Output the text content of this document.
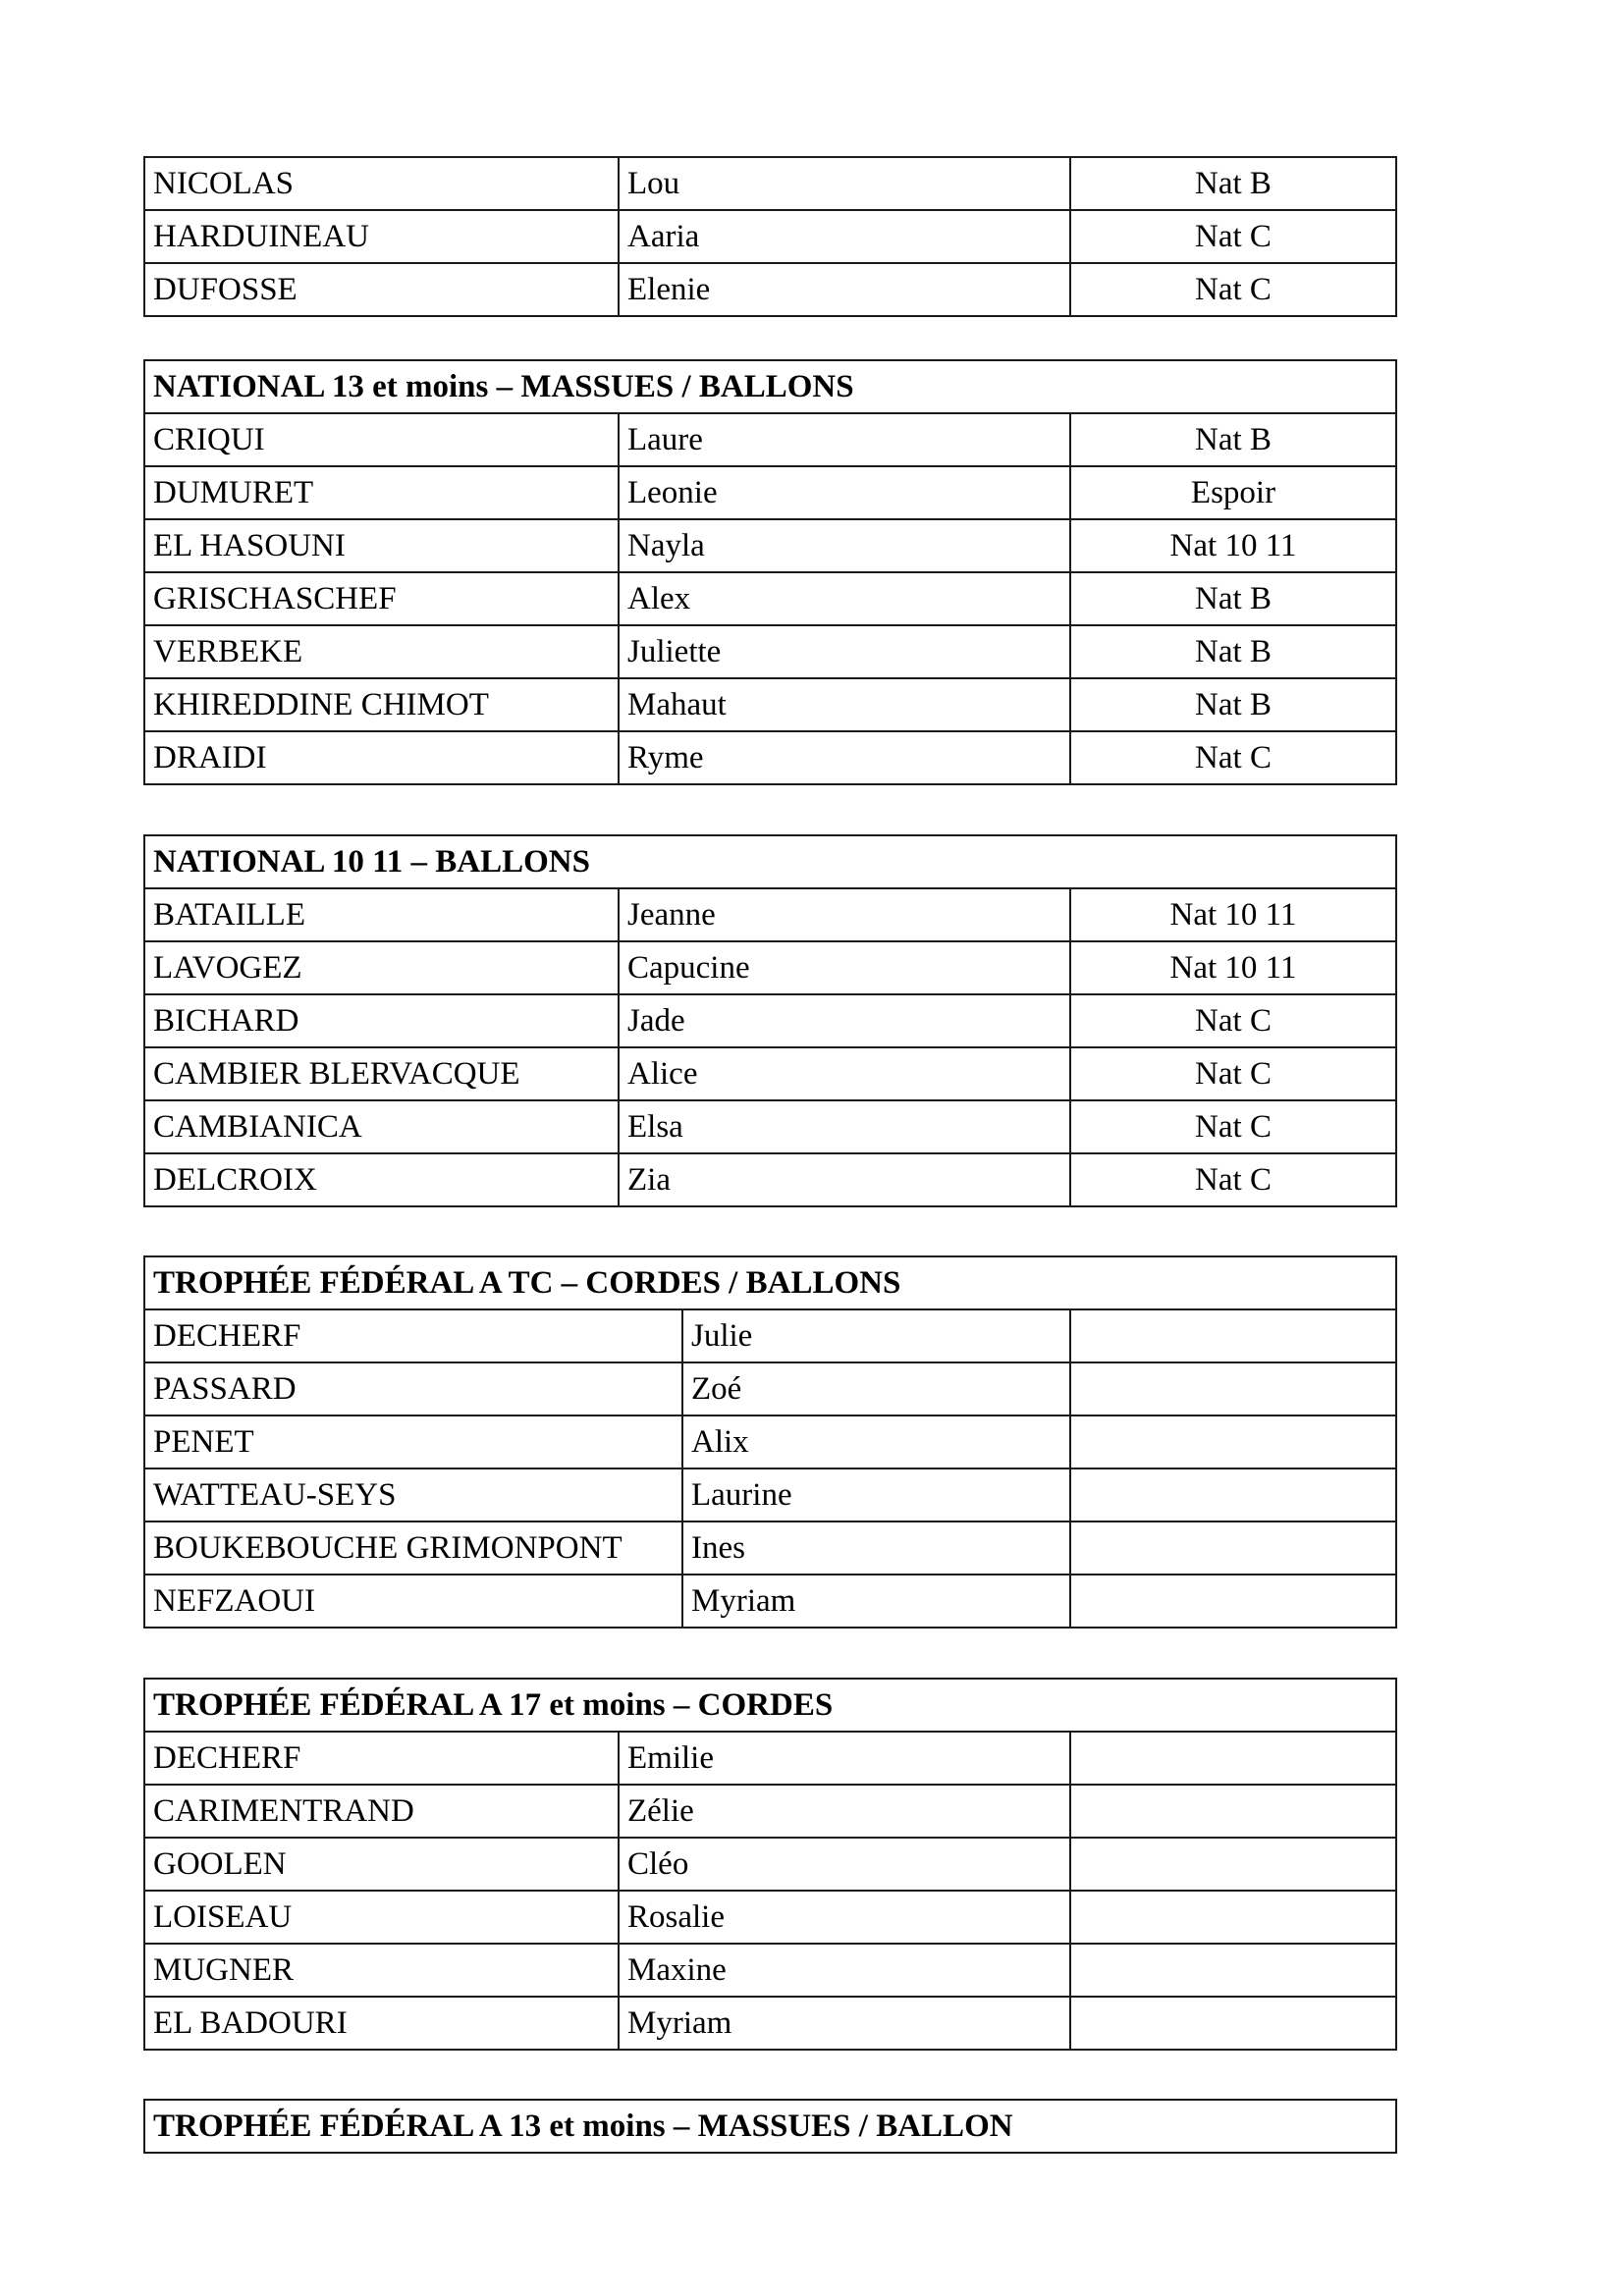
NICOLAS	Lou	Nat B
HARDUINEAU	Aaria	Nat C
DUFOSSE	Elenie	Nat C
NATIONAL 13 et moins – MASSUES / BALLONS		
CRIQUI	Laure	Nat B
DUMURET	Leonie	Espoir
EL HASOUNI	Nayla	Nat 10 11
GRISCHASCHEF	Alex	Nat B
VERBEKE	Juliette	Nat B
KHIREDDINE CHIMOT	Mahaut	Nat B
DRAIDI	Ryme	Nat C
NATIONAL 10 11 – BALLONS		
BATAILLE	Jeanne	Nat 10 11
LAVOGEZ	Capucine	Nat 10 11
BICHARD	Jade	Nat C
CAMBIER BLERVACQUE	Alice	Nat C
CAMBIANICA	Elsa	Nat C
DELCROIX	Zia	Nat C
TROPHÉE FÉDÉRAL A TC – CORDES / BALLONS		
DECHERF	Julie	
PASSARD	Zoé	
PENET	Alix	
WATTEAU-SEYS	Laurine	
BOUKEBOUCHE GRIMONPONT	Ines	
NEFZAOUI	Myriam	
TROPHÉE FÉDÉRAL A 17 et moins – CORDES		
DECHERF	Emilie	
CARIMENTRAND	Zélie	
GOOLEN	Cléo	
LOISEAU	Rosalie	
MUGNER	Maxine	
EL BADOURI	Myriam	
TROPHÉE FÉDÉRAL A 13 et moins – MASSUES / BALLON
